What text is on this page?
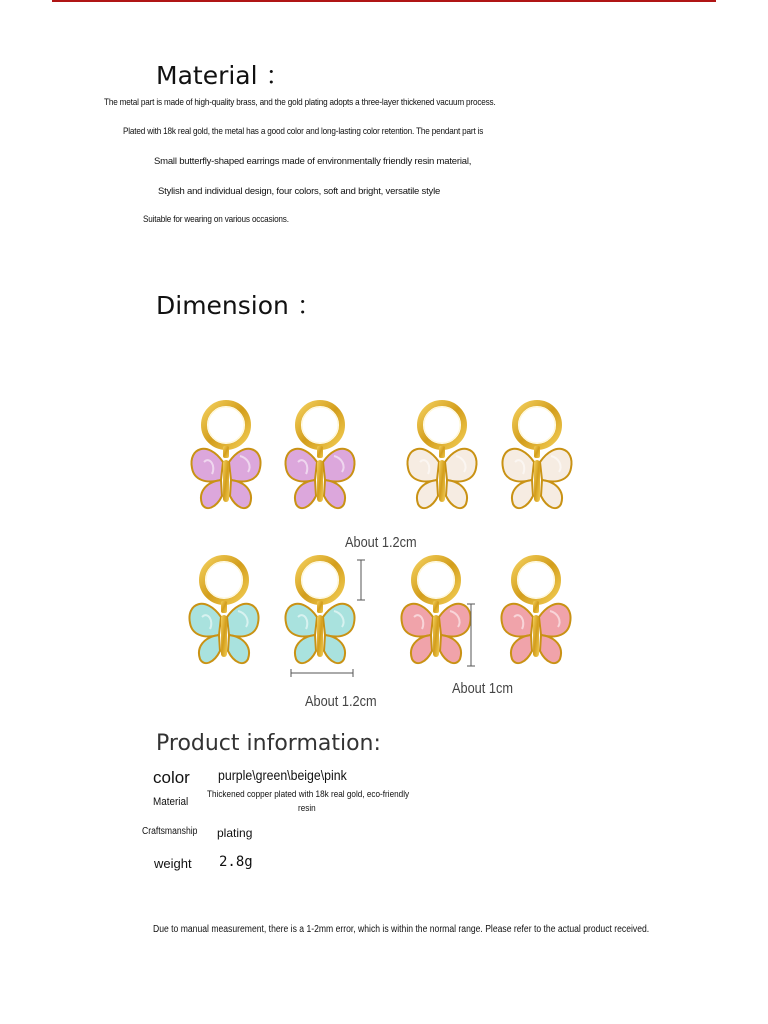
Material ：
The metal part is made of high-quality brass, and the gold plating adopts a three-layer thickened vacuum process.
Plated with 18k real gold, the metal has a good color and long-lasting color retention. The pendant part is
Small butterfly-shaped earrings made of environmentally friendly resin material,
Stylish and individual design, four colors, soft and bright, versatile style
Suitable for wearing on various occasions.
Dimension ：
About 1.2cm
About 1.2cm
About 1cm
Product information:
color purple\green\beige\pink
Material
Thickened copper plated with 18k real gold, eco-friendly
resin
Craftsmanship plating
weight 2.8g
Due to manual measurement, there is a 1-2mm error, which is within the normal range. Please refer to the actual product received.
